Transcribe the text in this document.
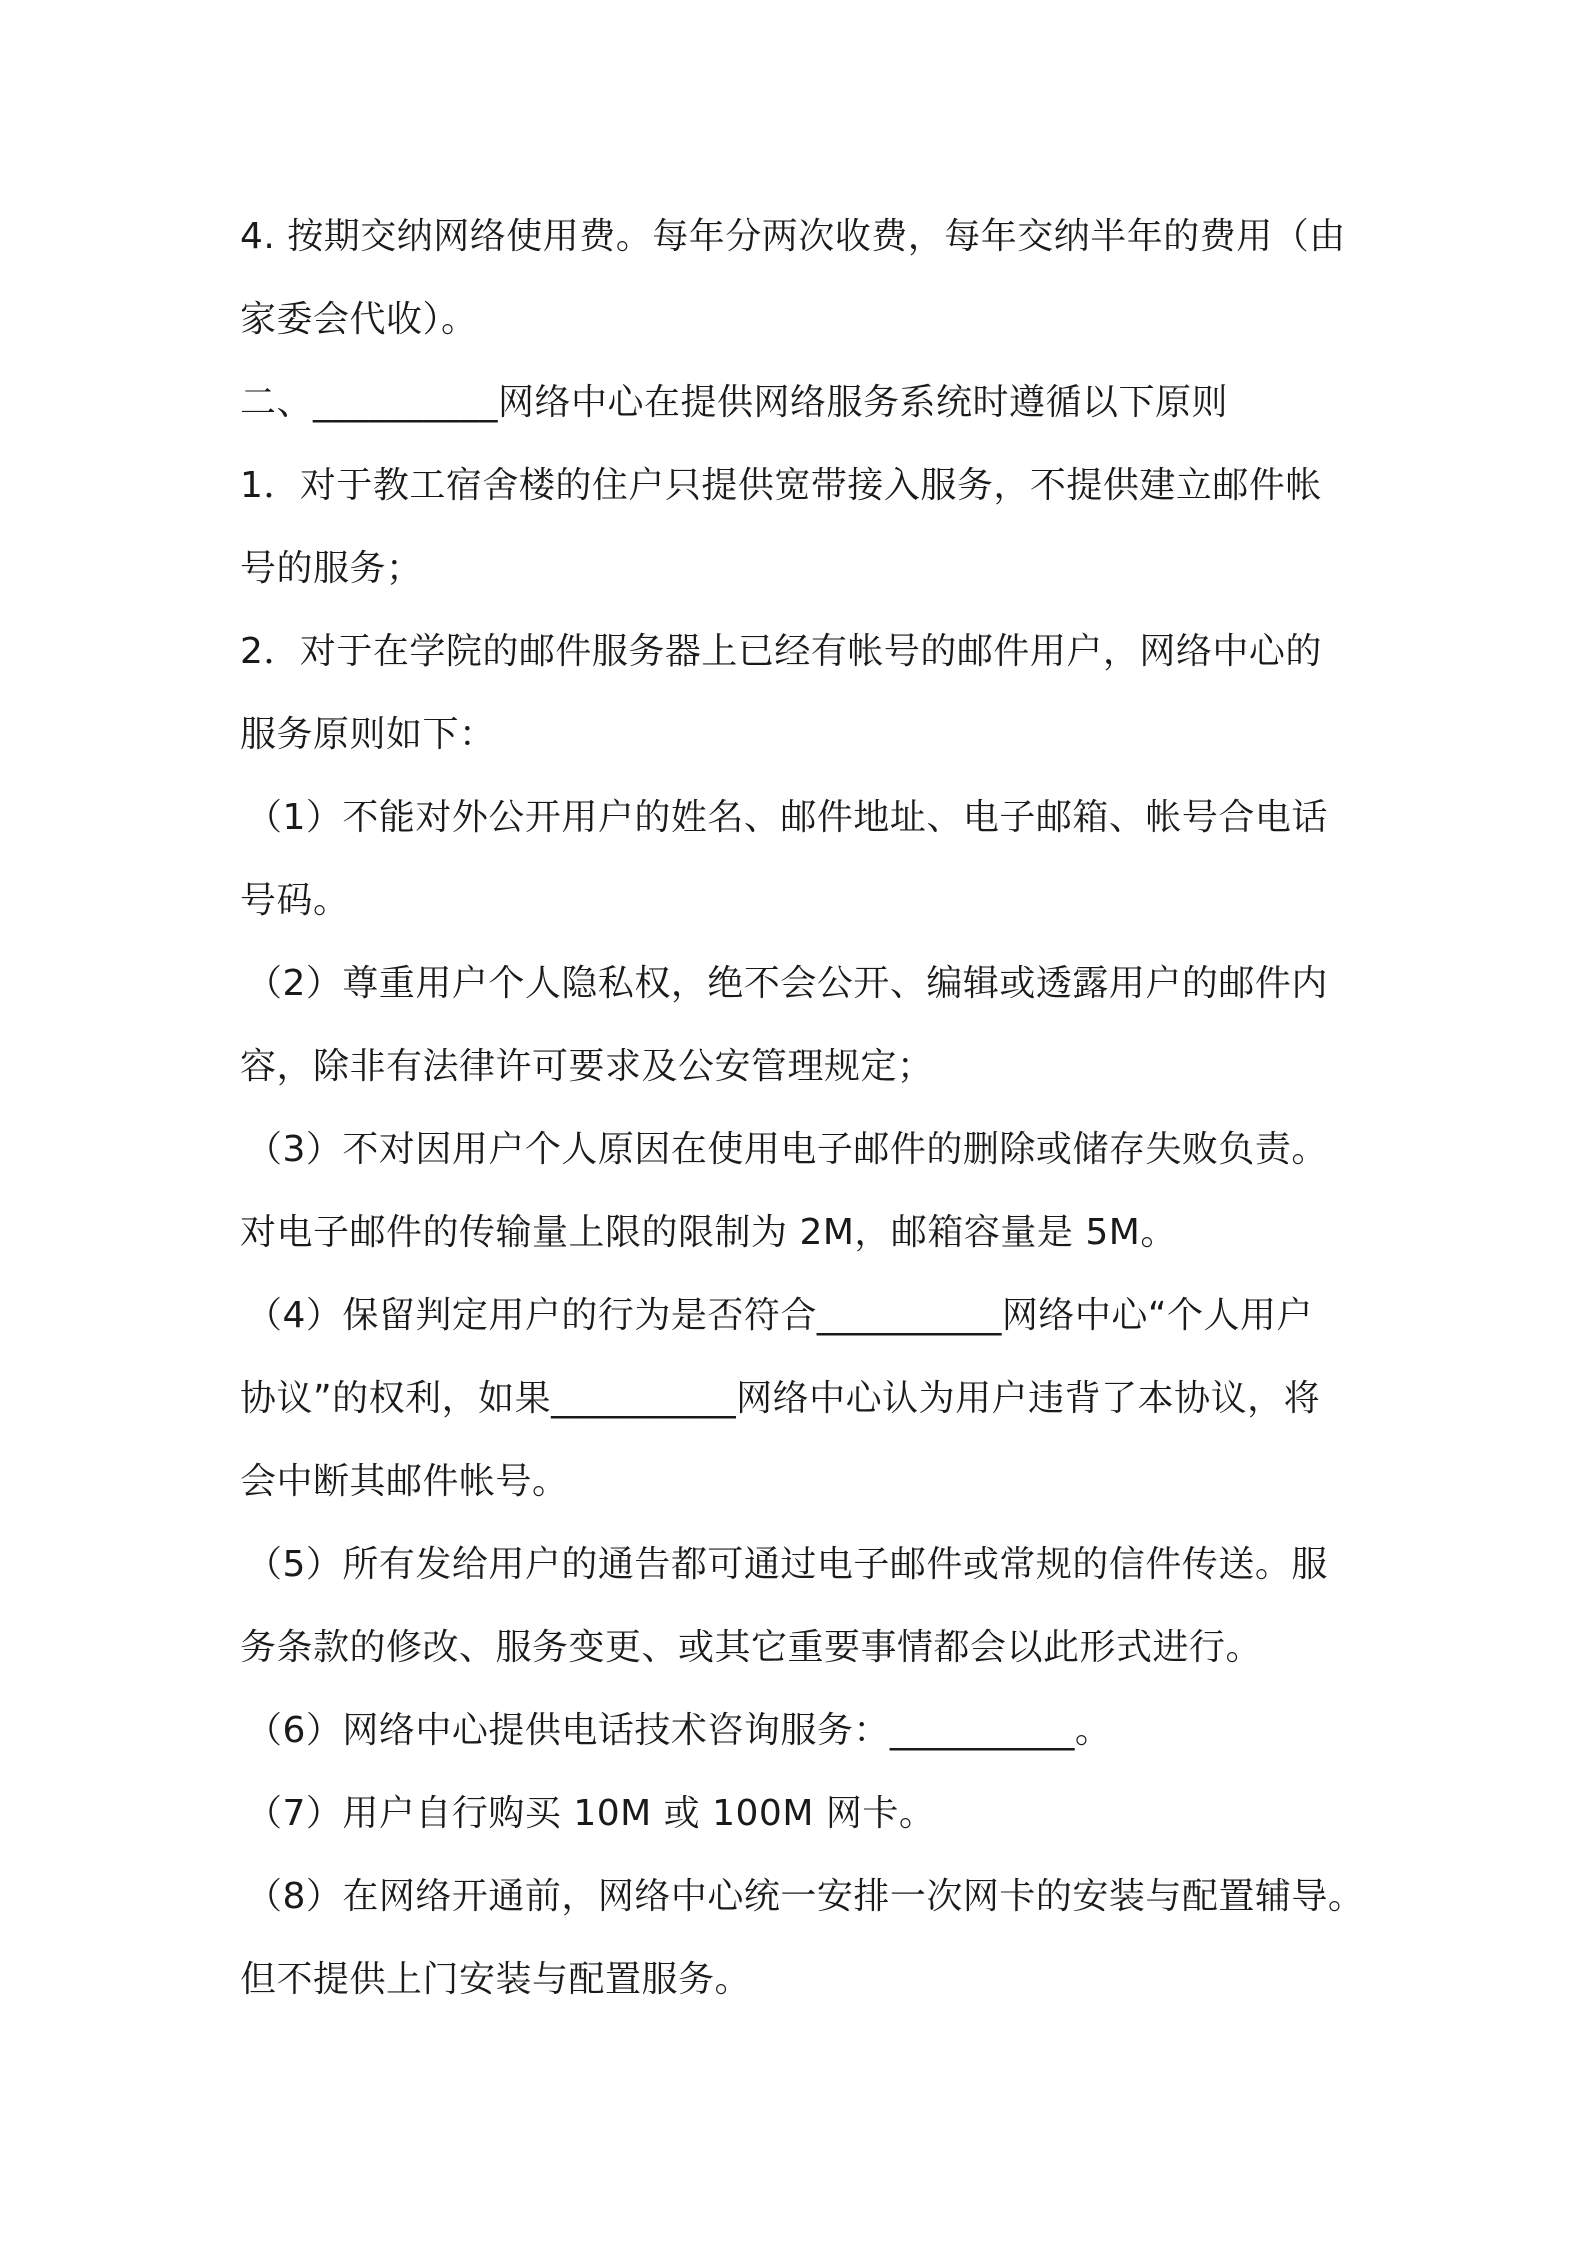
4. 按期交纳网络使用费。每年分两次收费，每年交纳半年的费用（由

家委会代收）。

二、__________网络中心在提供网络服务系统时遵循以下原则

1．对于教工宿舍楼的住户只提供宽带接入服务，不提供建立邮件帐

号的服务；

2．对于在学院的邮件服务器上已经有帐号的邮件用户，网络中心的

服务原则如下：

（1）不能对外公开用户的姓名、邮件地址、电子邮箱、帐号合电话

号码。

（2）尊重用户个人隐私权，绝不会公开、编辑或透露用户的邮件内

容，除非有法律许可要求及公安管理规定；

（3）不对因用户个人原因在使用电子邮件的删除或储存失败负责。

对电子邮件的传输量上限的限制为 2M，邮箱容量是 5M。

（4）保留判定用户的行为是否符合__________网络中心“个人用户

协议”的权利，如果__________网络中心认为用户违背了本协议，将

会中断其邮件帐号。

（5）所有发给用户的通告都可通过电子邮件或常规的信件传送。服

务条款的修改、服务变更、或其它重要事情都会以此形式进行。

（6）网络中心提供电话技术咨询服务：__________。

（7）用户自行购买 10M 或 100M 网卡。

（8）在网络开通前，网络中心统一安排一次网卡的安装与配置辅导。

但不提供上门安装与配置服务。
